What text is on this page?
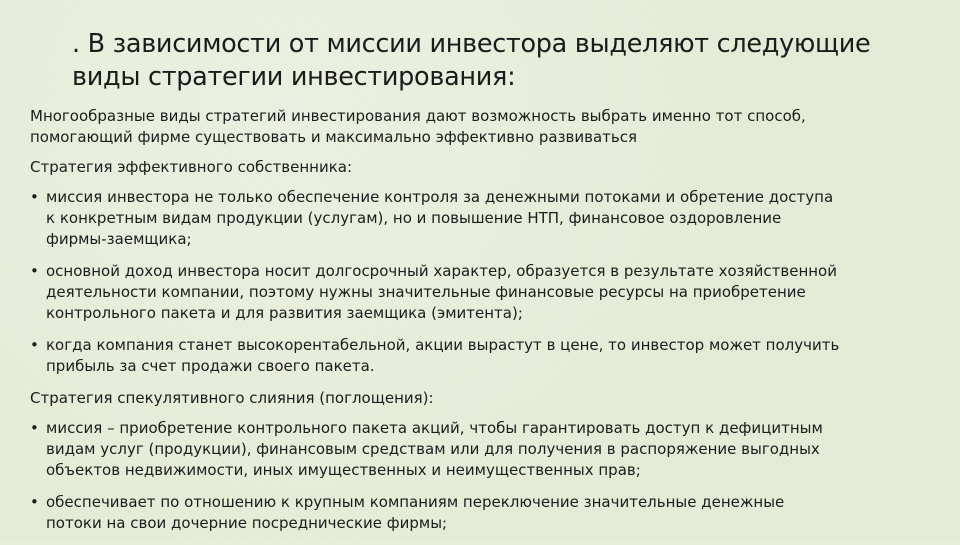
. В зависимости от миссии инвестора выделяют следующие
виды стратегии инвестирования:
Многообразные виды стратегий инвестирования дают возможность выбрать именно тот способ,
помогающий фирме существовать и максимально эффективно развиваться
Стратегия эффективного собственника:
• миссия инвестора не только обеспечение контроля за денежными потоками и обретение доступа
к конкретным видам продукции (услугам), но и повышение НТП, финансовое оздоровление
фирмы-заемщика;
• основной доход инвестора носит долгосрочный характер, образуется в результате хозяйственной
деятельности компании, поэтому нужны значительные финансовые ресурсы на приобретение
контрольного пакета и для развития заемщика (эмитента);
• когда компания станет высокорентабельной, акции вырастут в цене, то инвестор может получить
прибыль за счет продажи своего пакета.
Стратегия спекулятивного слияния (поглощения):
• миссия – приобретение контрольного пакета акций, чтобы гарантировать доступ к дефицитным
видам услуг (продукции), финансовым средствам или для получения в распоряжение выгодных
объектов недвижимости, иных имущественных и неимущественных прав;
• обеспечивает по отношению к крупным компаниям переключение значительные денежные
потоки на свои дочерние посреднические фирмы;
